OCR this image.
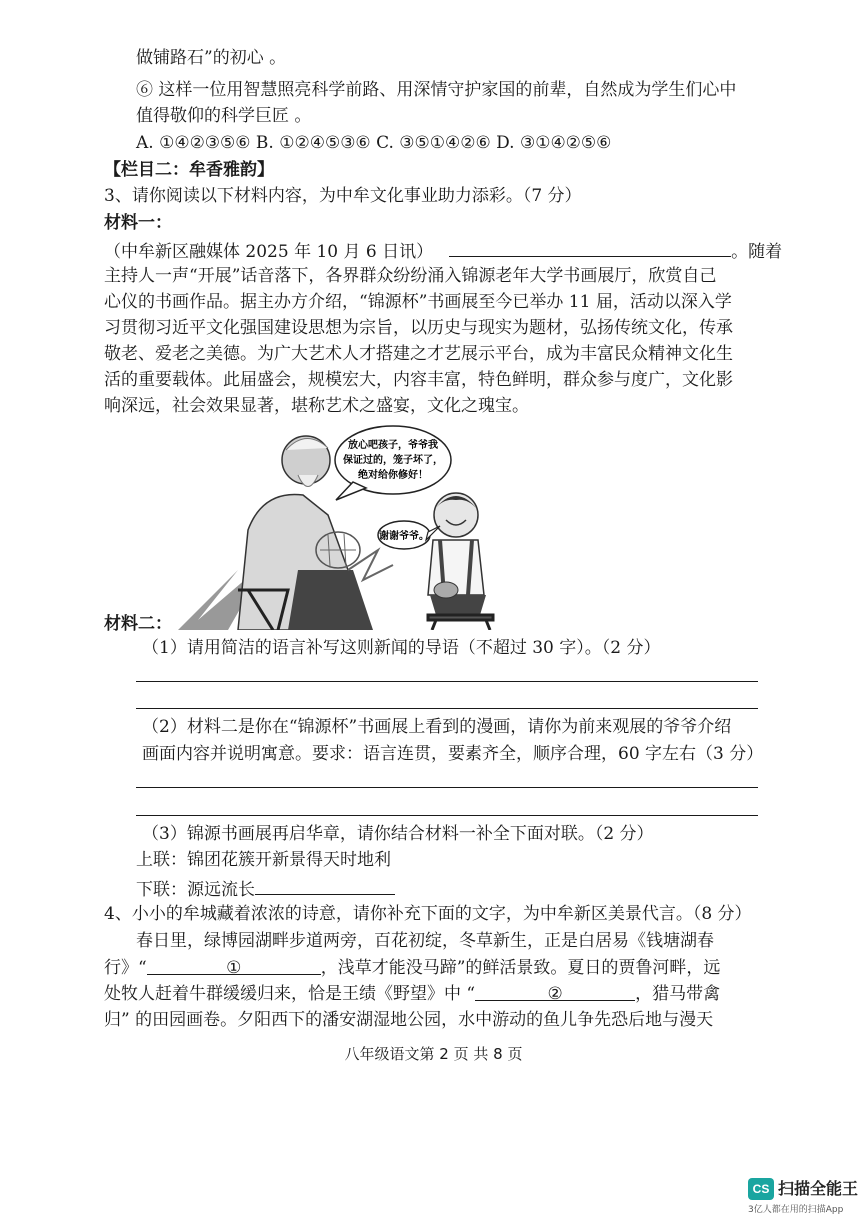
做铺路石”的初心 。
⑥ 这样一位用智慧照亮科学前路、用深情守护家国的前辈，自然成为学生们心中
值得敬仰的科学巨匠 。
A. ①④②③⑤⑥ B. ①②④⑤③⑥ C. ③⑤①④②⑥ D. ③①④②⑤⑥
【栏目二：牟香雅韵】
3、请你阅读以下材料内容，为中牟文化事业助力添彩。（7 分）
材料一：
（中牟新区融媒体 2025 年 10 月 6 日讯）	。随着
主持人一声“开展”话音落下，各界群众纷纷涌入锦源老年大学书画展厅，欣赏自己
心仪的书画作品。据主办方介绍，“锦源杯”书画展至今已举办 11 届，活动以深入学
习贯彻习近平文化强国建设思想为宗旨，以历史与现实为题材，弘扬传统文化，传承
敬老、爱老之美德。为广大艺术人才搭建之才艺展示平台，成为丰富民众精神文化生
活的重要载体。此届盛会，规模宏大，内容丰富，特色鲜明，群众参与度广，文化影
响深远，社会效果显著，堪称艺术之盛宴，文化之瑰宝。
放心吧孩子，爷爷我
保证过的，笼子坏了，
绝对给你修好！
谢谢爷爷。
材料二：
（1）请用简洁的语言补写这则新闻的导语（不超过 30 字）。（2 分）
（2）材料二是你在“锦源杯”书画展上看到的漫画，请你为前来观展的爷爷介绍
画面内容并说明寓意。要求：语言连贯，要素齐全，顺序合理，60 字左右（3 分）
（3）锦源书画展再启华章，请你结合材料一补全下面对联。（2 分）
上联：锦团花簇开新景得天时地利
下联：源远流长
4、小小的牟城藏着浓浓的诗意，请你补充下面的文字，为中牟新区美景代言。（8 分）
春日里，绿博园湖畔步道两旁，百花初绽，冬草新生，正是白居易《钱塘湖春
行》“	①	，浅草才能没马蹄”的鲜活景致。夏日的贾鲁河畔，远
处牧人赶着牛群缓缓归来，恰是王绩《野望》中 “	②	，猎马带禽
归” 的田园画卷。夕阳西下的潘安湖湿地公园，水中游动的鱼儿争先恐后地与漫天
八年级语文第 2 页 共 8 页
CS 扫描全能王
3亿人都在用的扫描App
